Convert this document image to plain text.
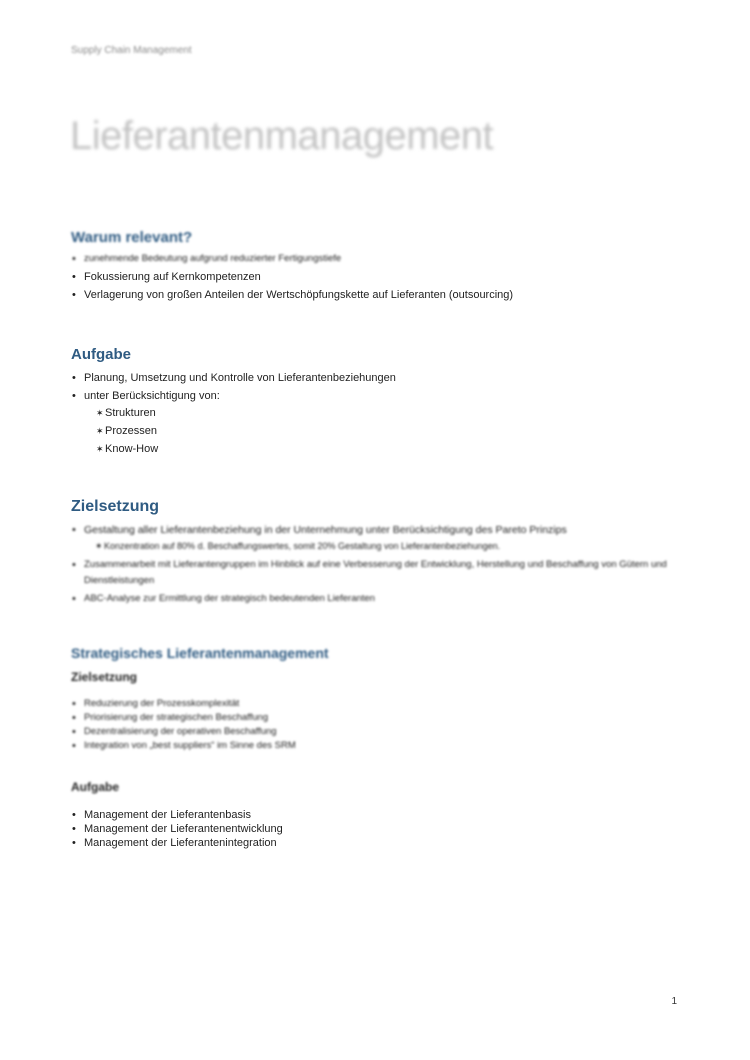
Supply Chain Management
Lieferantenmanagement
Warum relevant?
• zunehmende Bedeutung aufgrund reduzierter Fertigungstiefe
• Fokussierung auf Kernkompetenzen
• Verlagerung von großen Anteilen der Wertschöpfungskette auf Lieferanten (outsourcing)
Aufgabe
• Planung, Umsetzung und Kontrolle von Lieferantenbeziehungen
• unter Berücksichtigung von:
✶ Strukturen
✶ Prozessen
✶ Know-How
Zielsetzung
• Gestaltung aller Lieferantenbeziehung in der Unternehmung unter Berücksichtigung des Pareto Prinzips
✶ Konzentration auf 80% d. Beschaffungswertes, somit 20% Gestaltung von Lieferantenbeziehungen.
• Zusammenarbeit mit Lieferantengruppen im Hinblick auf eine Verbesserung der Entwicklung, Herstellung und Beschaffung von Gütern und Dienstleistungen
• ABC-Analyse zur Ermittlung der strategisch bedeutenden Lieferanten
Strategisches Lieferantenmanagement
Zielsetzung
• Reduzierung der Prozesskomplexität
• Priorisierung der strategischen Beschaffung
• Dezentralisierung der operativen Beschaffung
• Integration von „best suppliers“ im Sinne des SRM
Aufgabe
• Management der Lieferantenbasis
• Management der Lieferantenentwicklung
• Management der Lieferantenintegration
1
